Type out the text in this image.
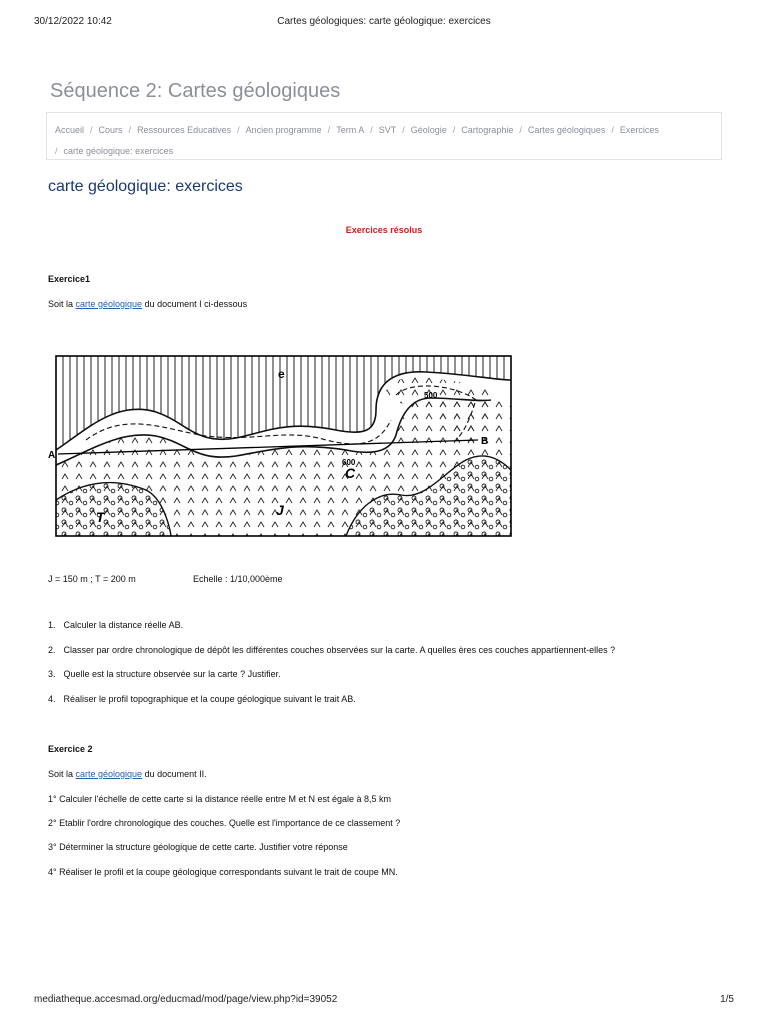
30/12/2022 10:42	Cartes géologiques: carte géologique: exercices
Séquence 2: Cartes géologiques
Accueil / Cours / Ressources Educatives / Ancien programme / Term A / SVT / Géologie / Cartographie / Cartes géologiques / Exercices
/ carte géologique: exercices
carte géologique: exercices
Exercices résolus

Exercice1

Soit la carte géologique du document I ci-dessous

A
B
e
C
J
T
500
600
J = 150 m ; T = 200 m	Echelle : 1/10,000ème
1. Calculer la distance réelle AB.
2. Classer par ordre chronologique de dépôt les différentes couches observées sur la carte. A quelles ères ces couches appartiennent-elles ?
3. Quelle est la structure observée sur la carte ? Justifier.
4. Réaliser le profil topographique et la coupe géologique suivant le trait AB.

Exercice 2

Soit la carte géologique du document II.

1° Calculer l'échelle de cette carte si la distance réelle entre M et N est égale à 8,5 km

2° Etablir l'ordre chronologique des couches. Quelle est l'importance de ce classement ?

3° Déterminer la structure géologique de cette carte. Justifier votre réponse

4° Réaliser le profil et la coupe géologique correspondants suivant le trait de coupe MN.

mediatheque.accesmad.org/educmad/mod/page/view.php?id=39052	1/5
